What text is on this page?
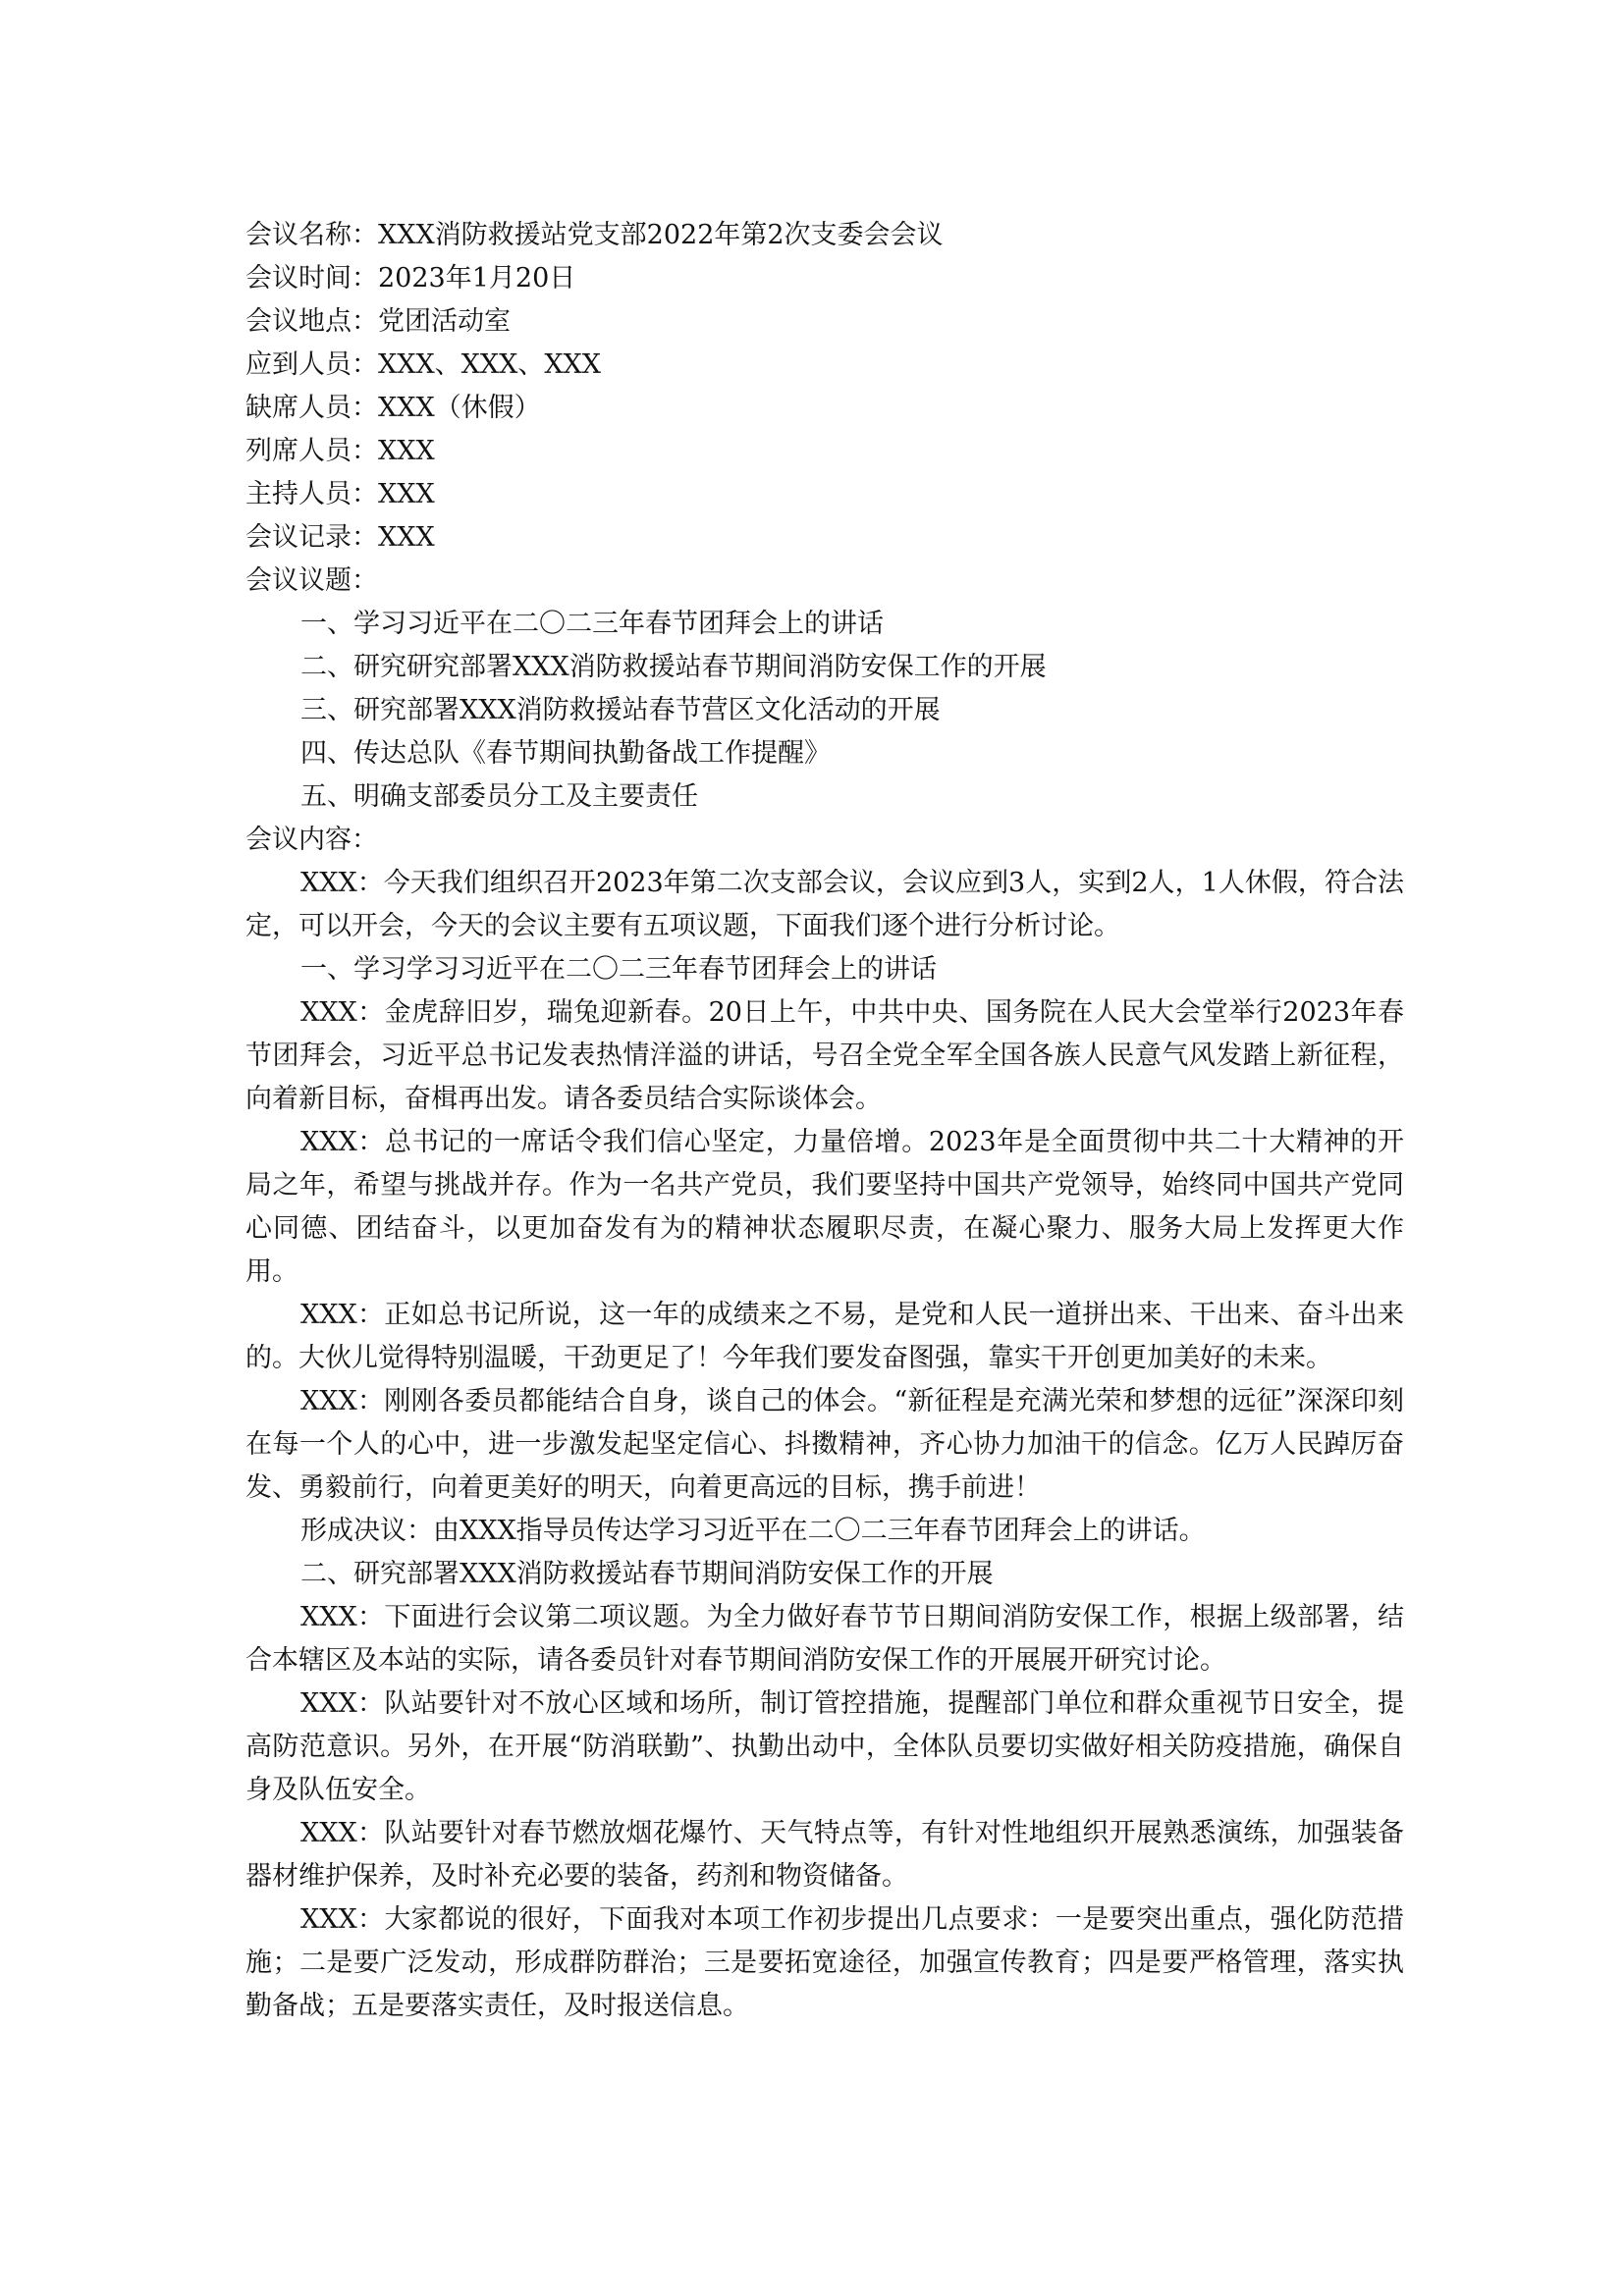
会议名称：XXX消防救援站党支部2022年第2次支委会会议

会议时间：2023年1月20日

会议地点：党团活动室

应到人员：XXX、XXX、XXX

缺席人员：XXX（休假）

列席人员：XXX

主持人员：XXX

会议记录：XXX

会议议题：

一、学习习近平在二〇二三年春节团拜会上的讲话

二、研究研究部署XXX消防救援站春节期间消防安保工作的开展

三、研究部署XXX消防救援站春节营区文化活动的开展

四、传达总队《春节期间执勤备战工作提醒》

五、明确支部委员分工及主要责任

会议内容：

XXX：今天我们组织召开2023年第二次支部会议，会议应到3人，实到2人，1人休假，符合法定，可以开会，今天的会议主要有五项议题，下面我们逐个进行分析讨论。

一、学习学习习近平在二〇二三年春节团拜会上的讲话

XXX：金虎辞旧岁，瑞兔迎新春。20日上午，中共中央、国务院在人民大会堂举行2023年春节团拜会，习近平总书记发表热情洋溢的讲话，号召全党全军全国各族人民意气风发踏上新征程，向着新目标，奋楫再出发。请各委员结合实际谈体会。

XXX：总书记的一席话令我们信心坚定，力量倍增。2023年是全面贯彻中共二十大精神的开局之年，希望与挑战并存。作为一名共产党员，我们要坚持中国共产党领导，始终同中国共产党同心同德、团结奋斗，以更加奋发有为的精神状态履职尽责，在凝心聚力、服务大局上发挥更大作用。

XXX：正如总书记所说，这一年的成绩来之不易，是党和人民一道拼出来、干出来、奋斗出来的。大伙儿觉得特别温暖，干劲更足了！今年我们要发奋图强，靠实干开创更加美好的未来。

XXX：刚刚各委员都能结合自身，谈自己的体会。“新征程是充满光荣和梦想的远征”深深印刻在每一个人的心中，进一步激发起坚定信心、抖擞精神，齐心协力加油干的信念。亿万人民踔厉奋发、勇毅前行，向着更美好的明天，向着更高远的目标，携手前进！

形成决议：由XXX指导员传达学习习近平在二〇二三年春节团拜会上的讲话。

二、研究部署XXX消防救援站春节期间消防安保工作的开展

XXX：下面进行会议第二项议题。为全力做好春节节日期间消防安保工作，根据上级部署，结合本辖区及本站的实际，请各委员针对春节期间消防安保工作的开展展开研究讨论。

XXX：队站要针对不放心区域和场所，制订管控措施，提醒部门单位和群众重视节日安全，提高防范意识。另外，在开展“防消联勤”、执勤出动中，全体队员要切实做好相关防疫措施，确保自身及队伍安全。

XXX：队站要针对春节燃放烟花爆竹、天气特点等，有针对性地组织开展熟悉演练，加强装备器材维护保养，及时补充必要的装备，药剂和物资储备。

XXX：大家都说的很好，下面我对本项工作初步提出几点要求：一是要突出重点，强化防范措施；二是要广泛发动，形成群防群治；三是要拓宽途径，加强宣传教育；四是要严格管理，落实执勤备战；五是要落实责任，及时报送信息。
